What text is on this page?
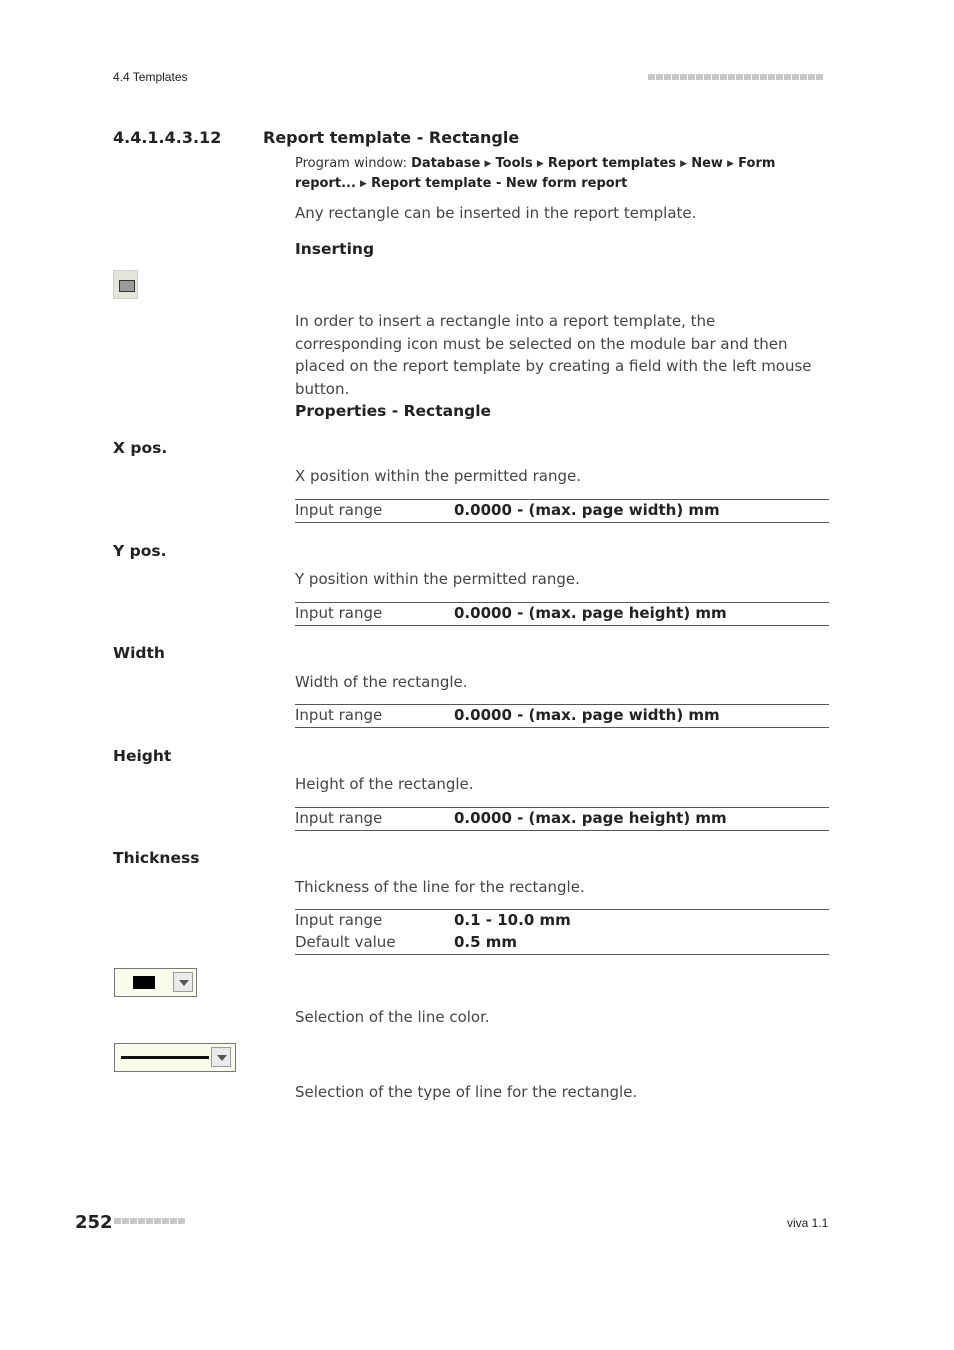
4.4 Templates
4.4.1.4.3.12	Report template - Rectangle
Program window: Database ▶ Tools ▶ Report templates ▶ New ▶ Form report... ▶ Report template - New form report
Any rectangle can be inserted in the report template.
Inserting
In order to insert a rectangle into a report template, the corresponding icon must be selected on the module bar and then placed on the report template by creating a field with the left mouse button.
Properties - Rectangle
X pos.
X position within the permitted range.
Input range	0.0000 - (max. page width) mm
Y pos.
Y position within the permitted range.
Input range	0.0000 - (max. page height) mm
Width
Width of the rectangle.
Input range	0.0000 - (max. page width) mm
Height
Height of the rectangle.
Input range	0.0000 - (max. page height) mm
Thickness
Thickness of the line for the rectangle.
Input range	0.1 - 10.0 mm
Default value	0.5 mm
Selection of the line color.
Selection of the type of line for the rectangle.
252	viva 1.1
